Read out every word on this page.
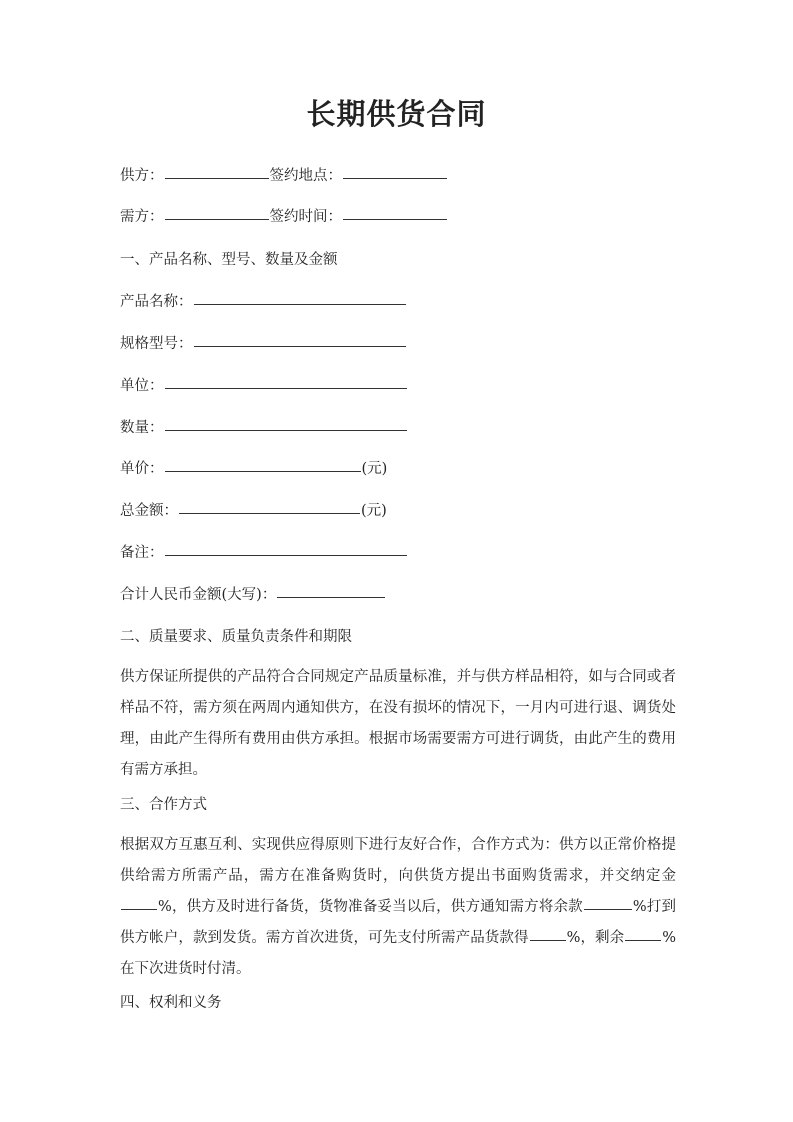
长期供货合同
供方：	签约地点：
需方：	签约时间：
一、产品名称、型号、数量及金额
产品名称：
规格型号：
单位：
数量：
单价：	(元)
总金额：	(元)
备注：
合计人民币金额(大写)：
二、质量要求、质量负责条件和期限

供方保证所提供的产品符合合同规定产品质量标准，并与供方样品相符，如与合同或者样品不符，需方须在两周内通知供方，在没有损坏的情况下，一月内可进行退、调货处理，由此产生得所有费用由供方承担。根据市场需要需方可进行调货，由此产生的费用有需方承担。

三、合作方式

根据双方互惠互利、实现供应得原则下进行友好合作，合作方式为：供方以正常价格提供给需方所需产品，需方在准备购货时，向供货方提出书面购货需求，并交纳定金%，供方及时进行备货，货物准备妥当以后，供方通知需方将余款	%打到供方帐户，款到发货。需方首次进货，可先支付所需产品货款得	%，剩余	%在下次进货时付清。

四、权利和义务
